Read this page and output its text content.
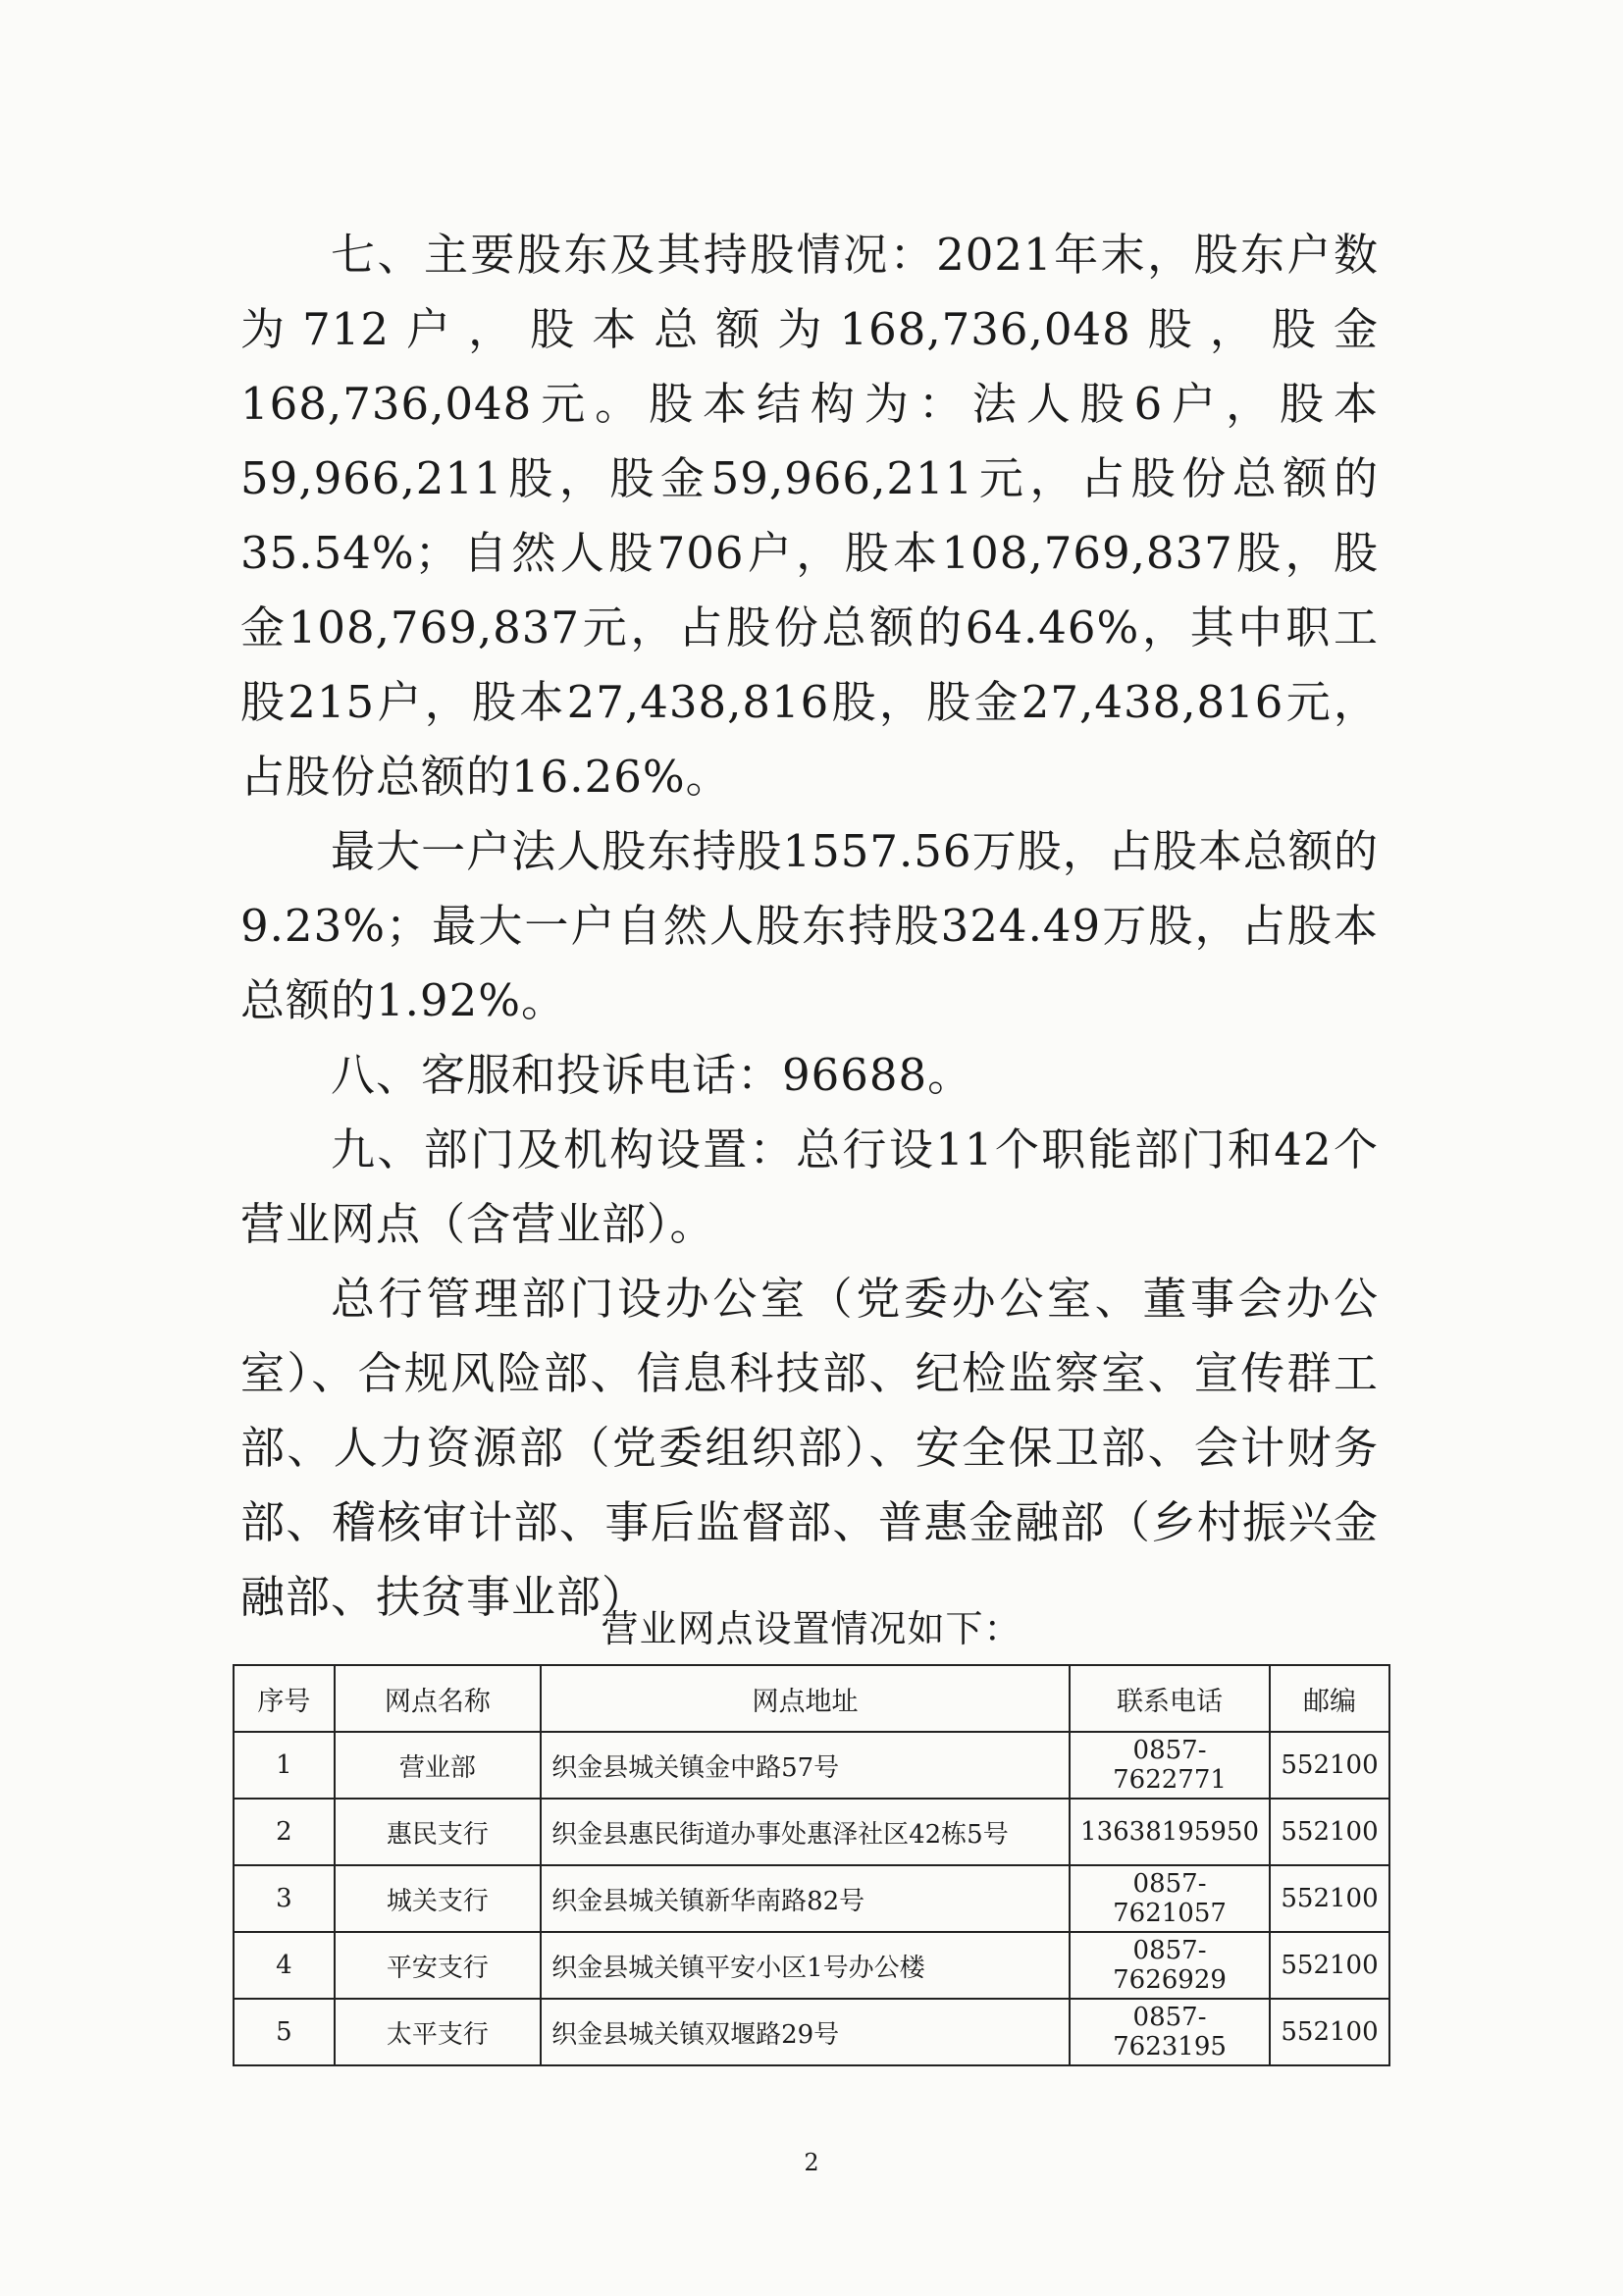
七、主要股东及其持股情况：2021年末，股东户数为712户，股本总额为168,736,048股，股金168,736,048元。股本结构为：法人股6户，股本59,966,211股，股金59,966,211元，占股份总额的35.54%；自然人股706户，股本108,769,837股，股金108,769,837元，占股份总额的64.46%，其中职工股215户，股本27,438,816股，股金27,438,816元，占股份总额的16.26%。

最大一户法人股东持股1557.56万股，占股本总额的9.23%；最大一户自然人股东持股324.49万股，占股本总额的1.92%。

八、客服和投诉电话：96688。

九、部门及机构设置：总行设11个职能部门和42个营业网点（含营业部）。

总行管理部门设办公室（党委办公室、董事会办公室）、合规风险部、信息科技部、纪检监察室、宣传群工部、人力资源部（党委组织部）、安全保卫部、会计财务部、稽核审计部、事后监督部、普惠金融部（乡村振兴金融部、扶贫事业部）

营业网点设置情况如下：
序号	网点名称	网点地址	联系电话	邮编
1	营业部	织金县城关镇金中路57号	0857-7622771	552100
2	惠民支行	织金县惠民街道办事处惠泽社区42栋5号	13638195950	552100
3	城关支行	织金县城关镇新华南路82号	0857-7621057	552100
4	平安支行	织金县城关镇平安小区1号办公楼	0857-7626929	552100
5	太平支行	织金县城关镇双堰路29号	0857-7623195	552100
2
